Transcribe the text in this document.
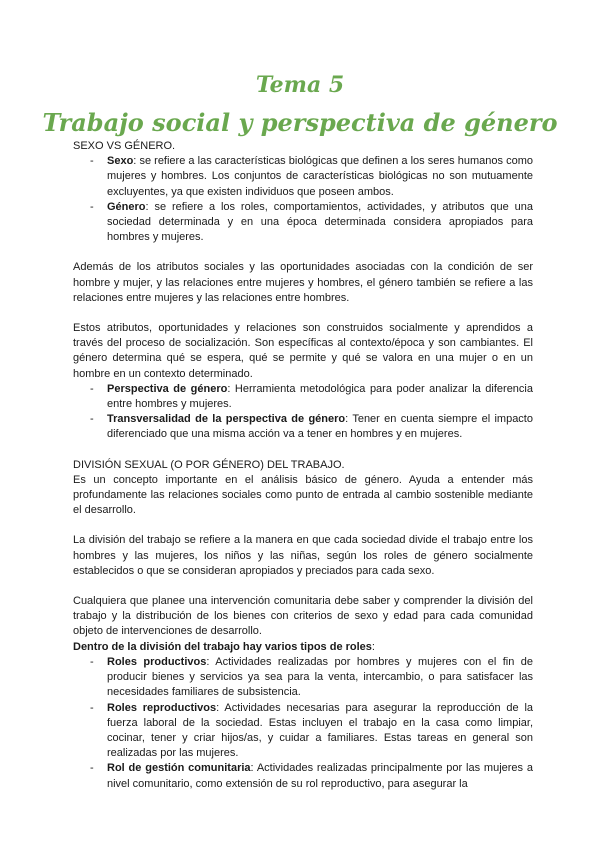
Tema 5
Trabajo social y perspectiva de género

SEXO VS GÉNERO.

- Sexo: se refiere a las características biológicas que definen a los seres humanos como mujeres y hombres. Los conjuntos de características biológicas no son mutuamente excluyentes, ya que existen individuos que poseen ambos.
- Género: se refiere a los roles, comportamientos, actividades, y atributos que una sociedad determinada y en una época determinada considera apropiados para hombres y mujeres.

Además de los atributos sociales y las oportunidades asociadas con la condición de ser hombre y mujer, y las relaciones entre mujeres y hombres, el género también se refiere a las relaciones entre mujeres y las relaciones entre hombres.

Estos atributos, oportunidades y relaciones son construidos socialmente y aprendidos a través del proceso de socialización. Son específicas al contexto/época y son cambiantes. El género determina qué se espera, qué se permite y qué se valora en una mujer o en un hombre en un contexto determinado.

- Perspectiva de género: Herramienta metodológica para poder analizar la diferencia entre hombres y mujeres.
- Transversalidad de la perspectiva de género: Tener en cuenta siempre el impacto diferenciado que una misma acción va a tener en hombres y en mujeres.

DIVISIÓN SEXUAL (O POR GÉNERO) DEL TRABAJO.

Es un concepto importante en el análisis básico de género. Ayuda a entender más profundamente las relaciones sociales como punto de entrada al cambio sostenible mediante el desarrollo.

La división del trabajo se refiere a la manera en que cada sociedad divide el trabajo entre los hombres y las mujeres, los niños y las niñas, según los roles de género socialmente establecidos o que se consideran apropiados y preciados para cada sexo.

Cualquiera que planee una intervención comunitaria debe saber y comprender la división del trabajo y la distribución de los bienes con criterios de sexo y edad para cada comunidad objeto de intervenciones de desarrollo.

Dentro de la división del trabajo hay varios tipos de roles:

- Roles productivos: Actividades realizadas por hombres y mujeres con el fin de producir bienes y servicios ya sea para la venta, intercambio, o para satisfacer las necesidades familiares de subsistencia.
- Roles reproductivos: Actividades necesarias para asegurar la reproducción de la fuerza laboral de la sociedad. Estas incluyen el trabajo en la casa como limpiar, cocinar, tener y criar hijos/as, y cuidar a familiares. Estas tareas en general son realizadas por las mujeres.
- Rol de gestión comunitaria: Actividades realizadas principalmente por las mujeres a nivel comunitario, como extensión de su rol reproductivo, para asegurar la
